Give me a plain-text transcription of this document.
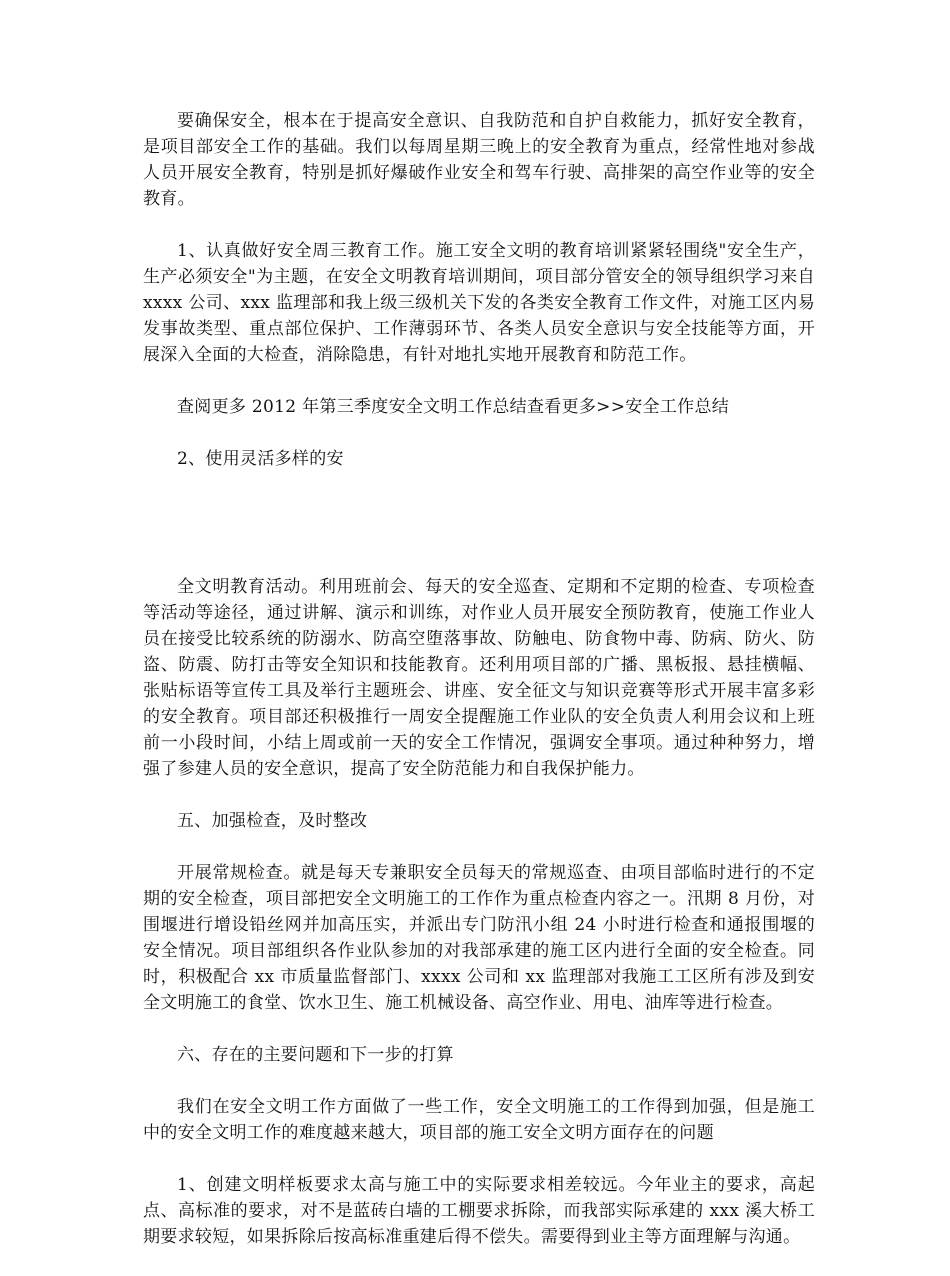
要确保安全，根本在于提高安全意识、自我防范和自护自救能力，抓好安全教育，是项目部安全工作的基础。我们以每周星期三晚上的安全教育为重点，经常性地对参战人员开展安全教育，特别是抓好爆破作业安全和驾车行驶、高排架的高空作业等的安全教育。

1、认真做好安全周三教育工作。施工安全文明的教育培训紧紧轻围绕"安全生产，生产必须安全"为主题，在安全文明教育培训期间，项目部分管安全的领导组织学习来自 xxxx 公司、xxx 监理部和我上级三级机关下发的各类安全教育工作文件，对施工区内易发事故类型、重点部位保护、工作薄弱环节、各类人员安全意识与安全技能等方面，开展深入全面的大检查，消除隐患，有针对地扎实地开展教育和防范工作。

查阅更多 2012 年第三季度安全文明工作总结查看更多>>安全工作总结

2、使用灵活多样的安

全文明教育活动。利用班前会、每天的安全巡查、定期和不定期的检查、专项检查等活动等途径，通过讲解、演示和训练，对作业人员开展安全预防教育，使施工作业人员在接受比较系统的防溺水、防高空堕落事故、防触电、防食物中毒、防病、防火、防盗、防震、防打击等安全知识和技能教育。还利用项目部的广播、黑板报、悬挂横幅、张贴标语等宣传工具及举行主题班会、讲座、安全征文与知识竞赛等形式开展丰富多彩的安全教育。项目部还积极推行一周安全提醒施工作业队的安全负责人利用会议和上班前一小段时间，小结上周或前一天的安全工作情况，强调安全事项。通过种种努力，增强了参建人员的安全意识，提高了安全防范能力和自我保护能力。

五、加强检查，及时整改

开展常规检查。就是每天专兼职安全员每天的常规巡查、由项目部临时进行的不定期的安全检查，项目部把安全文明施工的工作作为重点检查内容之一。汛期 8 月份，对围堰进行增设铅丝网并加高压实，并派出专门防汛小组 24 小时进行检查和通报围堰的安全情况。项目部组织各作业队参加的对我部承建的施工区内进行全面的安全检查。同时，积极配合 xx 市质量监督部门、xxxx 公司和 xx 监理部对我施工工区所有涉及到安全文明施工的食堂、饮水卫生、施工机械设备、高空作业、用电、油库等进行检查。

六、存在的主要问题和下一步的打算

我们在安全文明工作方面做了一些工作，安全文明施工的工作得到加强，但是施工中的安全文明工作的难度越来越大，项目部的施工安全文明方面存在的问题

1、创建文明样板要求太高与施工中的实际要求相差较远。今年业主的要求，高起点、高标准的要求，对不是蓝砖白墙的工棚要求拆除，而我部实际承建的 xxx 溪大桥工期要求较短，如果拆除后按高标准重建后得不偿失。需要得到业主等方面理解与沟通。
